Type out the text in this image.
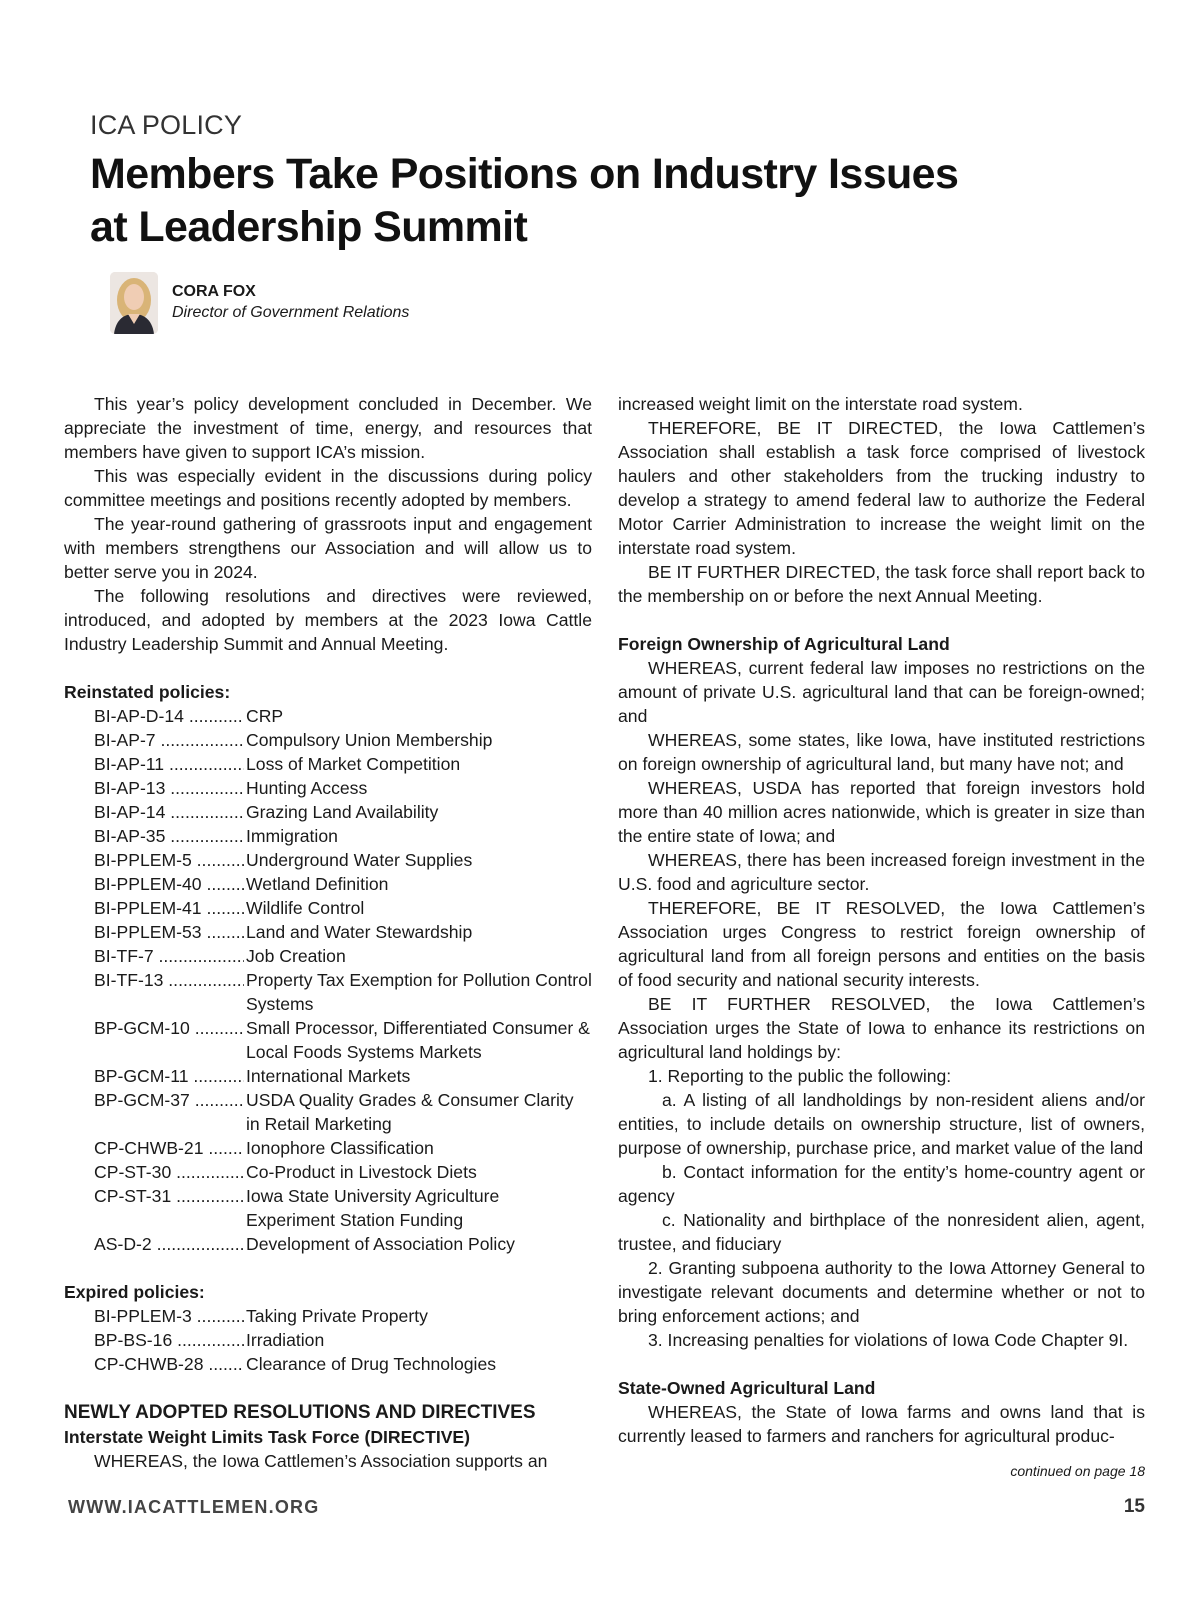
ICA POLICY
Members Take Positions on Industry Issues at Leadership Summit
CORA FOX
Director of Government Relations

This year’s policy development concluded in December. We appreciate the investment of time, energy, and resources that members have given to support ICA’s mission.

This was especially evident in the discussions during policy committee meetings and positions recently adopted by members.

The year-round gathering of grassroots input and engagement with members strengthens our Association and will allow us to better serve you in 2024.

The following resolutions and directives were reviewed, introduced, and adopted by members at the 2023 Iowa Cattle Industry Leadership Summit and Annual Meeting.

Reinstated policies:
BI-AP-D-14 .....	CRP
BI-AP-7 .....	Compulsory Union Membership
BI-AP-11 .....	Loss of Market Competition
BI-AP-13 .....	Hunting Access
BI-AP-14 .....	Grazing Land Availability
BI-AP-35 .....	Immigration
BI-PPLEM-5 .....	Underground Water Supplies
BI-PPLEM-40 .....	Wetland Definition
BI-PPLEM-41 .....	Wildlife Control
BI-PPLEM-53 .....	Land and Water Stewardship
BI-TF-7 .....	Job Creation
BI-TF-13 .....	Property Tax Exemption for Pollution Control Systems
BP-GCM-10 .....	Small Processor, Differentiated Consumer & Local Foods Systems Markets
BP-GCM-11 .....	International Markets
BP-GCM-37 .....	USDA Quality Grades & Consumer Clarity in Retail Marketing
CP-CHWB-21 .....	Ionophore Classification
CP-ST-30 .....	Co-Product in Livestock Diets
CP-ST-31 .....	Iowa State University Agriculture Experiment Station Funding
AS-D-2 .....	Development of Association Policy
Expired policies:
BI-PPLEM-3 .....	Taking Private Property
BP-BS-16 .....	Irradiation
CP-CHWB-28 .....	Clearance of Drug Technologies
NEWLY ADOPTED RESOLUTIONS AND DIRECTIVES
Interstate Weight Limits Task Force (DIRECTIVE)

WHEREAS, the Iowa Cattlemen’s Association supports an

increased weight limit on the interstate road system.

THEREFORE, BE IT DIRECTED, the Iowa Cattlemen’s Association shall establish a task force comprised of livestock haulers and other stakeholders from the trucking industry to develop a strategy to amend federal law to authorize the Federal Motor Carrier Administration to increase the weight limit on the interstate road system.

BE IT FURTHER DIRECTED, the task force shall report back to the membership on or before the next Annual Meeting.

Foreign Ownership of Agricultural Land

WHEREAS, current federal law imposes no restrictions on the amount of private U.S. agricultural land that can be foreign-owned; and

WHEREAS, some states, like Iowa, have instituted restrictions on foreign ownership of agricultural land, but many have not; and

WHEREAS, USDA has reported that foreign investors hold more than 40 million acres nationwide, which is greater in size than the entire state of Iowa; and

WHEREAS, there has been increased foreign investment in the U.S. food and agriculture sector.

THEREFORE, BE IT RESOLVED, the Iowa Cattlemen’s Association urges Congress to restrict foreign ownership of agricultural land from all foreign persons and entities on the basis of food security and national security interests.

BE IT FURTHER RESOLVED, the Iowa Cattlemen’s Association urges the State of Iowa to enhance its restrictions on agricultural land holdings by:

1. Reporting to the public the following:

a. A listing of all landholdings by non-resident aliens and/or entities, to include details on ownership structure, list of owners, purpose of ownership, purchase price, and market value of the land

b. Contact information for the entity’s home-country agent or agency

c. Nationality and birthplace of the nonresident alien, agent, trustee, and fiduciary

2. Granting subpoena authority to the Iowa Attorney General to investigate relevant documents and determine whether or not to bring enforcement actions; and

3. Increasing penalties for violations of Iowa Code Chapter 9I.

State-Owned Agricultural Land

WHEREAS, the State of Iowa farms and owns land that is currently leased to farmers and ranchers for agricultural produc-

continued on page 18
WWW.IACATTLEMEN.ORG	15
